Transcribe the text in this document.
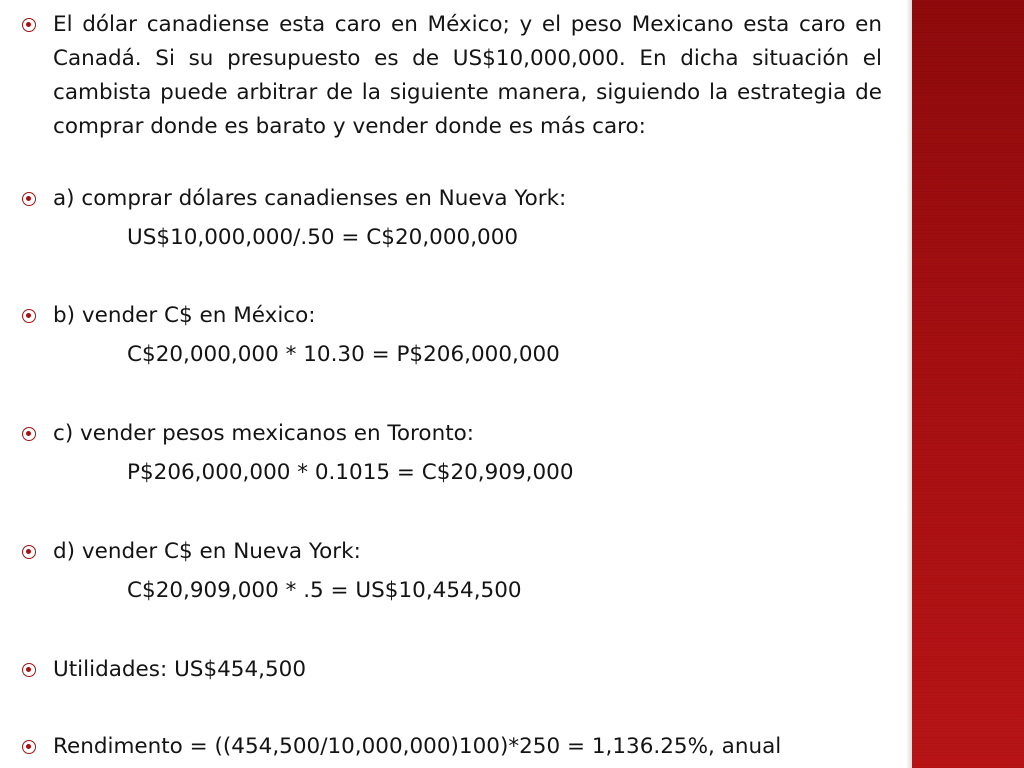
El dólar canadiense esta caro en México; y el peso Mexicano esta caro en Canadá. Si su presupuesto es de US$10,000,000. En dicha situación el cambista puede arbitrar de la siguiente manera, siguiendo la estrategia de comprar donde es barato y vender donde es más caro:
a) comprar dólares canadienses en Nueva York:
US$10,000,000/.50 = C$20,000,000
b) vender C$ en México:
C$20,000,000 * 10.30 = P$206,000,000
c) vender pesos mexicanos en Toronto:
P$206,000,000 * 0.1015 = C$20,909,000
d) vender C$ en Nueva York:
C$20,909,000 * .5 = US$10,454,500
Utilidades: US$454,500
Rendimento = ((454,500/10,000,000)100)*250 = 1,136.25%, anual
